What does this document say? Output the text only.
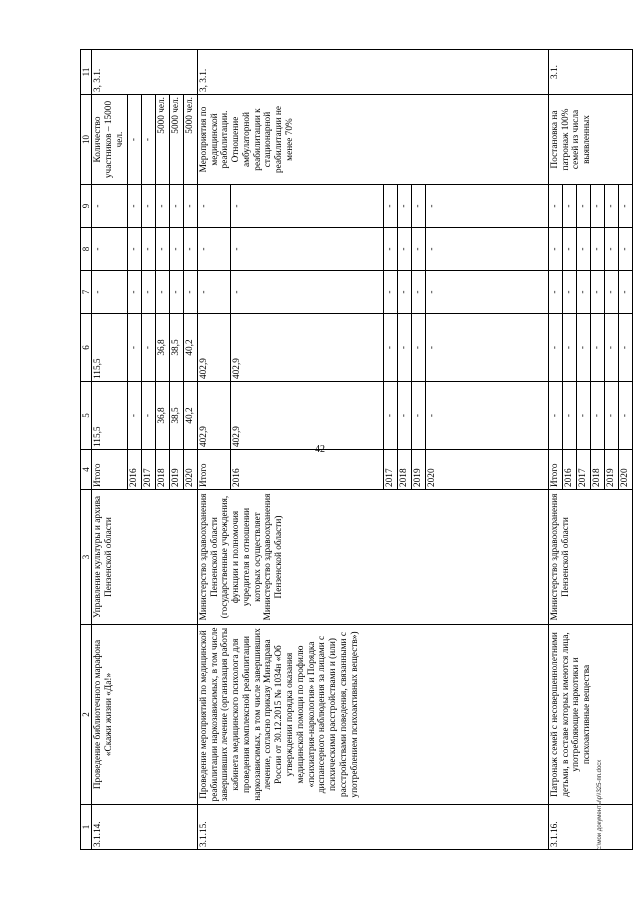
42
1	2	3	4	5	6	7	8	9	10	11
3.1.14.	Проведение библиотечного марафона «Скажи жизни «Да!»	Управление культуры и архива Пензенской области	Итого	115,5	115,5	-	-	-	Количество участников – 15000 чел.	3, 3.1.
			2016	-	-	-	-	-	-	
			2017	-	-	-	-	-	-	
			2018	36,8	36,8	-	-	-	5000 чел.	
			2019	38,5	38,5	-	-	-	5000 чел.	
			2020	40,2	40,2	-	-	-	5000 чел.	
3.1.15.	Проведение мероприятий по медицинской реабилитации наркозависимых, в том числе завершивших лечение (организация работы кабинета медицинского психолога для проведения комплексной реабилитации наркозависимых, в том числе завершивших лечение, согласно приказу Минздрава России от 30.12.2015 № 1034н «Об утверждении порядка оказания медицинской помощи по профилю «психиатрия-наркология» и Порядка диспансерного наблюдения за лицами с психическими расстройствами и (или) расстройствами поведения, связанными с употреблением психоактивных веществ»)	Министерство здравоохранения Пензенской области (государственные учреждения, функции и полномочия учредителя в отношении которых осуществляет Министерство здравоохранения Пензенской области)	Итого	402,9	402,9	-	-	-	Мероприятия по медицинской реабилитации. Отношение амбулаторной реабилитации к стационарной реабилитации не менее 70%	3, 3.1.
			2016	402,9	402,9	-	-	-		
			2017	-	-	-	-	-		
			2018	-	-	-	-	-		
			2019	-	-	-	-	-		
			2020	-	-	-	-	-		
3.1.16.	Патронаж семей с несовершеннолетними детьми, в составе которых имеются лица, употребляющие наркотики и психоактивные вещества	Министерство здравоохранения Пензенской области	Итого	-	-	-	-	-	Постановка на патронаж 100% семей из числа выявленных	3.1.
			2016	-	-	-	-	-		
			2017	-	-	-	-	-		
			2018	-	-	-	-	-		
			2019	-	-	-	-	-		
			2020	-	-	-	-	-		
c:\мои документы\р\\325-пп.docx
